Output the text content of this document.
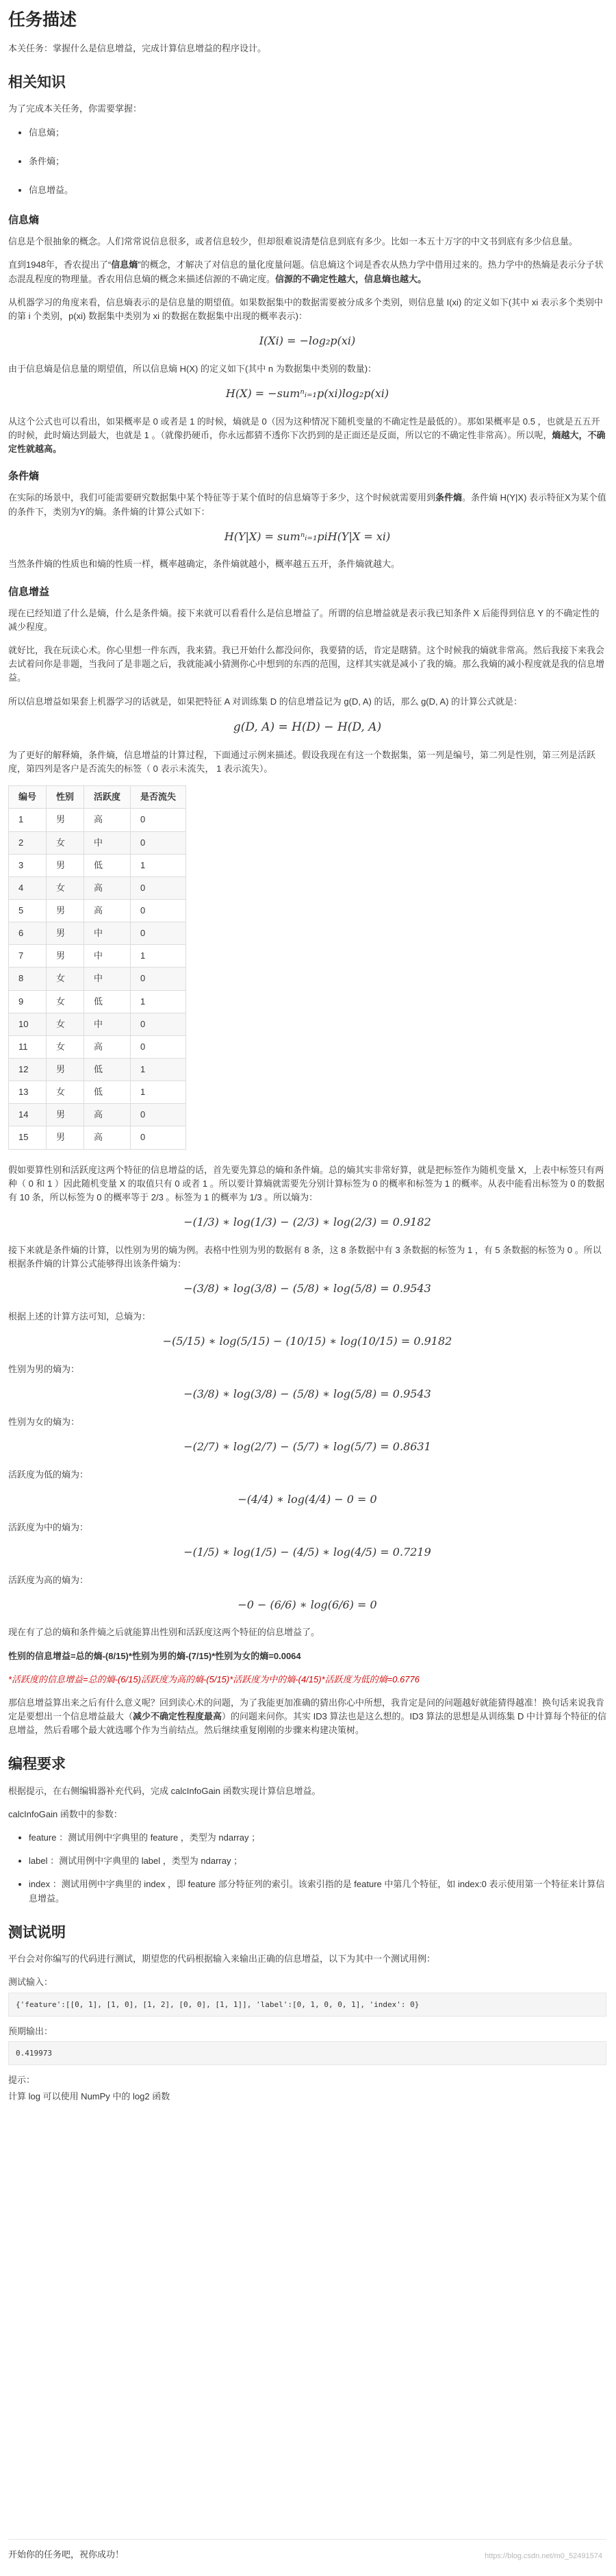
任务描述

本关任务：掌握什么是信息增益，完成计算信息增益的程序设计。

相关知识

为了完成本关任务，你需要掌握：

• 信息熵；
• 条件熵；
• 信息增益。
信息熵

信息是个很抽象的概念。人们常常说信息很多，或者信息较少，但却很难说清楚信息到底有多少。比如一本五十万字的中文书到底有多少信息量。

直到1948年，香农提出了“信息熵”的概念，才解决了对信息的量化度量问题。信息熵这个词是香农从热力学中借用过来的。热力学中的热熵是表示分子状态混乱程度的物理量。香农用信息熵的概念来描述信源的不确定度。信源的不确定性越大，信息熵也越大。

从机器学习的角度来看，信息熵表示的是信息量的期望值。如果数据集中的数据需要被分成多个类别，则信息量 I(xi) 的定义如下(其中 xi 表示多个类别中的第 i 个类别，p(xi) 数据集中类别为 xi 的数据在数据集中出现的概率表示)：

I(Xi) = −log₂p(xi)

由于信息熵是信息量的期望值，所以信息熵 H(X) 的定义如下(其中 n 为数据集中类别的数量)：

H(X) = −sumⁿᵢ₌₁p(xi)log₂p(xi)

从这个公式也可以看出，如果概率是 0 或者是 1 的时候，熵就是 0（因为这种情况下随机变量的不确定性是最低的）。那如果概率是 0.5 ，也就是五五开的时候，此时熵达到最大，也就是 1 。（就像扔硬币，你永远都猜不透你下次扔到的是正面还是反面，所以它的不确定性非常高）。所以呢，熵越大，不确定性就越高。

条件熵

在实际的场景中，我们可能需要研究数据集中某个特征等于某个值时的信息熵等于多少，这个时候就需要用到条件熵。条件熵 H(Y|X) 表示特征X为某个值的条件下，类别为Y的熵。条件熵的计算公式如下：

H(Y|X) = sumⁿᵢ₌₁piH(Y|X = xi)

当然条件熵的性质也和熵的性质一样，概率越确定，条件熵就越小，概率越五五开，条件熵就越大。

信息增益

现在已经知道了什么是熵，什么是条件熵。接下来就可以看看什么是信息增益了。所谓的信息增益就是表示我已知条件 X 后能得到信息 Y 的不确定性的减少程度。

就好比，我在玩读心术。你心里想一件东西，我来猜。我已开始什么都没问你，我要猜的话，肯定是瞎猜。这个时候我的熵就非常高。然后我接下来我会去试着问你是非题，当我问了是非题之后，我就能减小猜测你心中想到的东西的范围，这样其实就是减小了我的熵。那么我熵的减小程度就是我的信息增益。

所以信息增益如果套上机器学习的话就是，如果把特征 A 对训练集 D 的信息增益记为 g(D, A) 的话，那么 g(D, A) 的计算公式就是：

g(D, A) = H(D) − H(D, A)

为了更好的解释熵，条件熵，信息增益的计算过程，下面通过示例来描述。假设我现在有这一个数据集，第一列是编号，第二列是性别，第三列是活跃度，第四列是客户是否流失的标签（ 0 表示未流失， 1 表示流失）。

编号	性别	活跃度	是否流失
1	男	高	0
2	女	中	0
3	男	低	1
4	女	高	0
5	男	高	0
6	男	中	0
7	男	中	1
8	女	中	0
9	女	低	1
10	女	中	0
11	女	高	0
12	男	低	1
13	女	低	1
14	男	高	0
15	男	高	0

假如要算性别和活跃度这两个特征的信息增益的话，首先要先算总的熵和条件熵。总的熵其实非常好算，就是把标签作为随机变量 X，上表中标签只有两种（ 0 和 1 ）因此随机变量 X 的取值只有 0 或者 1 。所以要计算熵就需要先分别计算标签为 0 的概率和标签为 1 的概率。从表中能看出标签为 0 的数据有 10 条，所以标签为 0 的概率等于 2/3 。标签为 1 的概率为 1/3 。所以熵为：

−(1/3) ∗ log(1/3) − (2/3) ∗ log(2/3) = 0.9182

接下来就是条件熵的计算，以性别为男的熵为例。表格中性别为男的数据有 8 条，这 8 条数据中有 3 条数据的标签为 1 ，有 5 条数据的标签为 0 。所以根据条件熵的计算公式能够得出该条件熵为：

−(3/8) ∗ log(3/8) − (5/8) ∗ log(5/8) = 0.9543

根据上述的计算方法可知，总熵为：

−(5/15) ∗ log(5/15) − (10/15) ∗ log(10/15) = 0.9182

性别为男的熵为：

−(3/8) ∗ log(3/8) − (5/8) ∗ log(5/8) = 0.9543

性别为女的熵为：

−(2/7) ∗ log(2/7) − (5/7) ∗ log(5/7) = 0.8631

活跃度为低的熵为：

−(4/4) ∗ log(4/4) − 0 = 0

活跃度为中的熵为：

−(1/5) ∗ log(1/5) − (4/5) ∗ log(4/5) = 0.7219

活跃度为高的熵为：

−0 − (6/6) ∗ log(6/6) = 0

现在有了总的熵和条件熵之后就能算出性别和活跃度这两个特征的信息增益了。

性别的信息增益=总的熵-(8/15)*性别为男的熵-(7/15)*性别为女的熵=0.0064

*活跃度的信息增益=总的熵-(6/15)活跃度为高的熵-(5/15)*活跃度为中的熵-(4/15)*活跃度为低的熵=0.6776

那信息增益算出来之后有什么意义呢？回到读心术的问题，为了我能更加准确的猜出你心中所想，我肯定是问的问题越好就能猜得越准！换句话来说我肯定是要想出一个信息增益最大（减少不确定性程度最高）的问题来问你。其实 ID3 算法也是这么想的。ID3 算法的思想是从训练集 D 中计算每个特征的信息增益，然后看哪个最大就选哪个作为当前结点。然后继续重复刚刚的步骤来构建决策树。

编程要求

根据提示，在右侧编辑器补充代码，完成 calcInfoGain 函数实现计算信息增益。

calcInfoGain 函数中的参数：

• feature ：测试用例中字典里的 feature ，类型为 ndarray ；
• label ：测试用例中字典里的 label ，类型为 ndarray ；
• index ：测试用例中字典里的 index ，即 feature 部分特征列的索引。该索引指的是 feature 中第几个特征，如 index:0 表示使用第一个特征来计算信息增益。
测试说明

平台会对你编写的代码进行测试，期望您的代码根据输入来输出正确的信息增益，以下为其中一个测试用例：

测试输入：
{'feature':[[0, 1], [1, 0], [1, 2], [0, 0], [1, 1]], 'label':[0, 1, 0, 0, 1], 'index': 0}
预期输出：
0.419973
提示：
计算 log 可以使用 NumPy 中的 log2 函数
开始你的任务吧，祝你成功！	https://blog.csdn.net/m0_52491574
